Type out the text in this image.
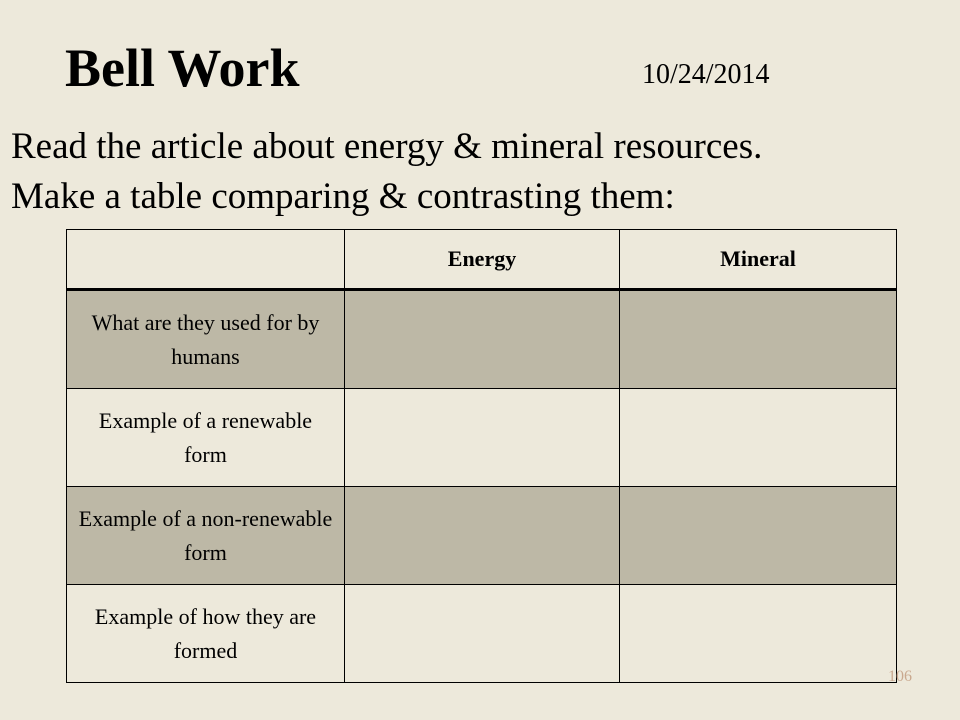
Bell Work	10/24/2014
Read the article about energy & mineral resources.
Make a table comparing & contrasting them:
	Energy	Mineral
What are they used for by humans		
Example of a renewable form		
Example of a non-renewable form		
Example of how they are formed		
106
